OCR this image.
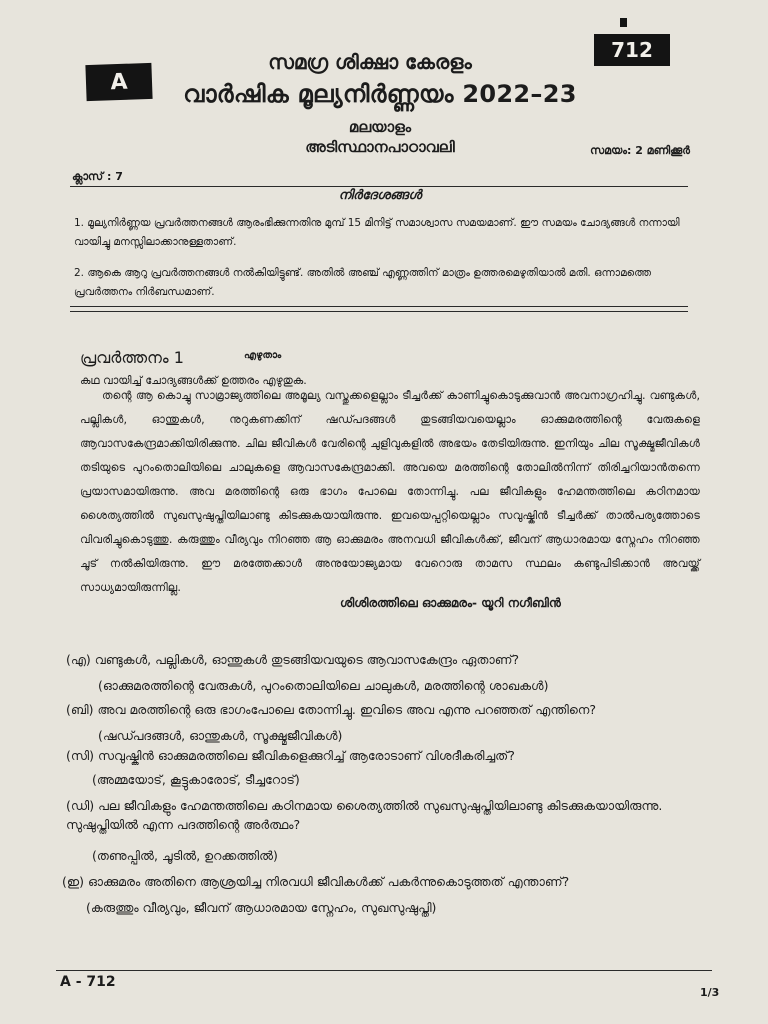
A
712
സമഗ്ര ശിക്ഷാ കേരളം
വാർഷിക മൂല്യനിർണ്ണയം 2022–23
മലയാളം
അടിസ്ഥാനപാഠാവലി	സമയം: 2 മണിക്കൂർ
ക്ലാസ് : 7
നിർദേശങ്ങൾ
1. മൂല്യനിർണ്ണയ പ്രവർത്തനങ്ങൾ ആരംഭിക്കുന്നതിനു മുമ്പ് 15 മിനിട്ട് സമാശ്വാസ സമയമാണ്. ഈ സമയം ചോദ്യങ്ങൾ നന്നായി വായിച്ചു മനസ്സിലാക്കാനുള്ളതാണ്.
2. ആകെ ആറു പ്രവർത്തനങ്ങൾ നൽകിയിട്ടുണ്ട്. അതിൽ അഞ്ച് എണ്ണത്തിന് മാത്രം ഉത്തരമെഴുതിയാൽ മതി. ഒന്നാമത്തെ പ്രവർത്തനം നിർബന്ധമാണ്.
പ്രവർത്തനം 1	എഴുതാം
കഥ വായിച്ച് ചോദ്യങ്ങൾക്ക് ഉത്തരം എഴുതുക.
തന്റെ ആ കൊച്ചു സാമ്രാജ്യത്തിലെ അമൂല്യ വസ്തുക്കളെല്ലാം ടീച്ചർക്ക് കാണിച്ചുകൊടുക്കുവാൻ അവനാഗ്രഹിച്ചു. വണ്ടുകൾ, പല്ലികൾ, ഓന്തുകൾ, നുറുകണക്കിന് ഷഡ്പദങ്ങൾ തുടങ്ങിയവയെല്ലാം ഓക്കുമരത്തിന്റെ വേരുകളെ ആവാസകേന്ദ്രമാക്കിയിരിക്കുന്നു. ചില ജീവികൾ വേരിന്റെ ചുളിവുകളിൽ അഭയം തേടിയിരുന്നു. ഇനിയും ചില സൂക്ഷ്മജീവികൾ തടിയുടെ പുറംതൊലിയിലെ ചാലുകളെ ആവാസകേന്ദ്രമാക്കി. അവയെ മരത്തിന്റെ തോലിൽനിന്ന് തിരിച്ചറിയാൻതന്നെ പ്രയാസമായിരുന്നു. അവ മരത്തിന്റെ ഒരു ഭാഗം പോലെ തോന്നിച്ചു. പല ജീവികളും ഹേമന്തത്തിലെ കഠിനമായ ശൈത്യത്തിൽ സുഖസുഷുപ്തിയിലാണ്ടു കിടക്കുകയായിരുന്നു. ഇവയെപ്പറ്റിയെല്ലാം സവുഷ്കിൻ ടീച്ചർക്ക് താൽപര്യത്തോടെ വിവരിച്ചുകൊടുത്തു. കരുത്തും വീര്യവും നിറഞ്ഞ ആ ഓക്കുമരം അനവധി ജീവികൾക്ക്, ജീവന് ആധാരമായ സ്നേഹം നിറഞ്ഞ ചൂട് നൽകിയിരുന്നു. ഈ മരത്തേക്കാൾ അനുയോജ്യമായ വേറൊരു താമസ സ്ഥലം കണ്ടുപിടിക്കാൻ അവയ്ക്ക് സാധ്യമായിരുന്നില്ല.
ശിശിരത്തിലെ ഓക്കുമരം- യൂറി നഗീബിൻ
(എ) വണ്ടുകൾ, പല്ലികൾ, ഓന്തുകൾ തുടങ്ങിയവയുടെ ആവാസകേന്ദ്രം ഏതാണ്?
(ഓക്കുമരത്തിന്റെ വേരുകൾ, പുറംതൊലിയിലെ ചാലുകൾ, മരത്തിന്റെ ശാഖകൾ)
(ബി) അവ മരത്തിന്റെ ഒരു ഭാഗംപോലെ തോന്നിച്ചു. ഇവിടെ അവ എന്നു പറഞ്ഞത് എന്തിനെ?
(ഷഡ്പദങ്ങൾ, ഓന്തുകൾ, സൂക്ഷ്മജീവികൾ)
(സി) സവുഷ്കിൻ ഓക്കുമരത്തിലെ ജീവികളെക്കുറിച്ച് ആരോടാണ് വിശദീകരിച്ചത്?
(അമ്മയോട്, കൂട്ടുകാരോട്, ടീച്ചറോട്)
(ഡി) പല ജീവികളും ഹേമന്തത്തിലെ കഠിനമായ ശൈത്യത്തിൽ സുഖസുഷുപ്തിയിലാണ്ടു കിടക്കുകയായിരുന്നു. സുഷുപ്തിയിൽ എന്ന പദത്തിന്റെ അർത്ഥം?
(തണുപ്പിൽ, ചൂടിൽ, ഉറക്കത്തിൽ)
(ഇ) ഓക്കുമരം അതിനെ ആശ്രയിച്ച നിരവധി ജീവികൾക്ക് പകർന്നുകൊടുത്തത് എന്താണ്?
(കരുത്തും വീര്യവും, ജീവന് ആധാരമായ സ്നേഹം, സുഖസുഷുപ്തി)
A - 712
1/3
